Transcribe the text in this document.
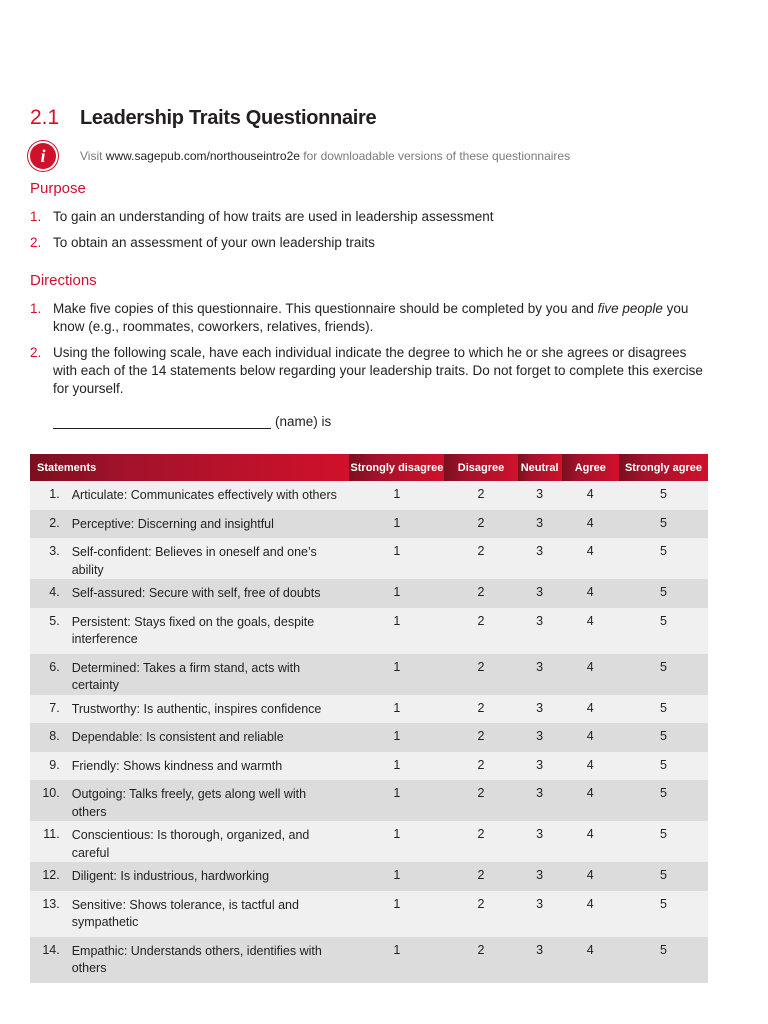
2.1	Leadership Traits Questionnaire
i	Visit www.sagepub.com/northouseintro2e for downloadable versions of these questionnaires
Purpose
1. To gain an understanding of how traits are used in leadership assessment
2. To obtain an assessment of your own leadership traits
Directions
1. Make five copies of this questionnaire. This questionnaire should be completed by you and five people you know (e.g., roommates, coworkers, relatives, friends).
2. Using the following scale, have each individual indicate the degree to which he or she agrees or disagrees with each of the 14 statements below regarding your leadership traits. Do not forget to complete this exercise for yourself.
(name) is
Statements		Strongly disagree	Disagree	Neutral	Agree	Strongly agree
1.	Articulate: Communicates effectively with others	1	2	3	4	5
2.	Perceptive: Discerning and insightful	1	2	3	4	5
3.	Self-confident: Believes in oneself and one’s ability	1	2	3	4	5
4.	Self-assured: Secure with self, free of doubts	1	2	3	4	5
5.	Persistent: Stays fixed on the goals, despite interference	1	2	3	4	5
6.	Determined: Takes a firm stand, acts with certainty	1	2	3	4	5
7.	Trustworthy: Is authentic, inspires confidence	1	2	3	4	5
8.	Dependable: Is consistent and reliable	1	2	3	4	5
9.	Friendly: Shows kindness and warmth	1	2	3	4	5
10.	Outgoing: Talks freely, gets along well with others	1	2	3	4	5
11.	Conscientious: Is thorough, organized, and careful	1	2	3	4	5
12.	Diligent: Is industrious, hardworking	1	2	3	4	5
13.	Sensitive: Shows tolerance, is tactful and sympathetic	1	2	3	4	5
14.	Empathic: Understands others, identifies with others	1	2	3	4	5
